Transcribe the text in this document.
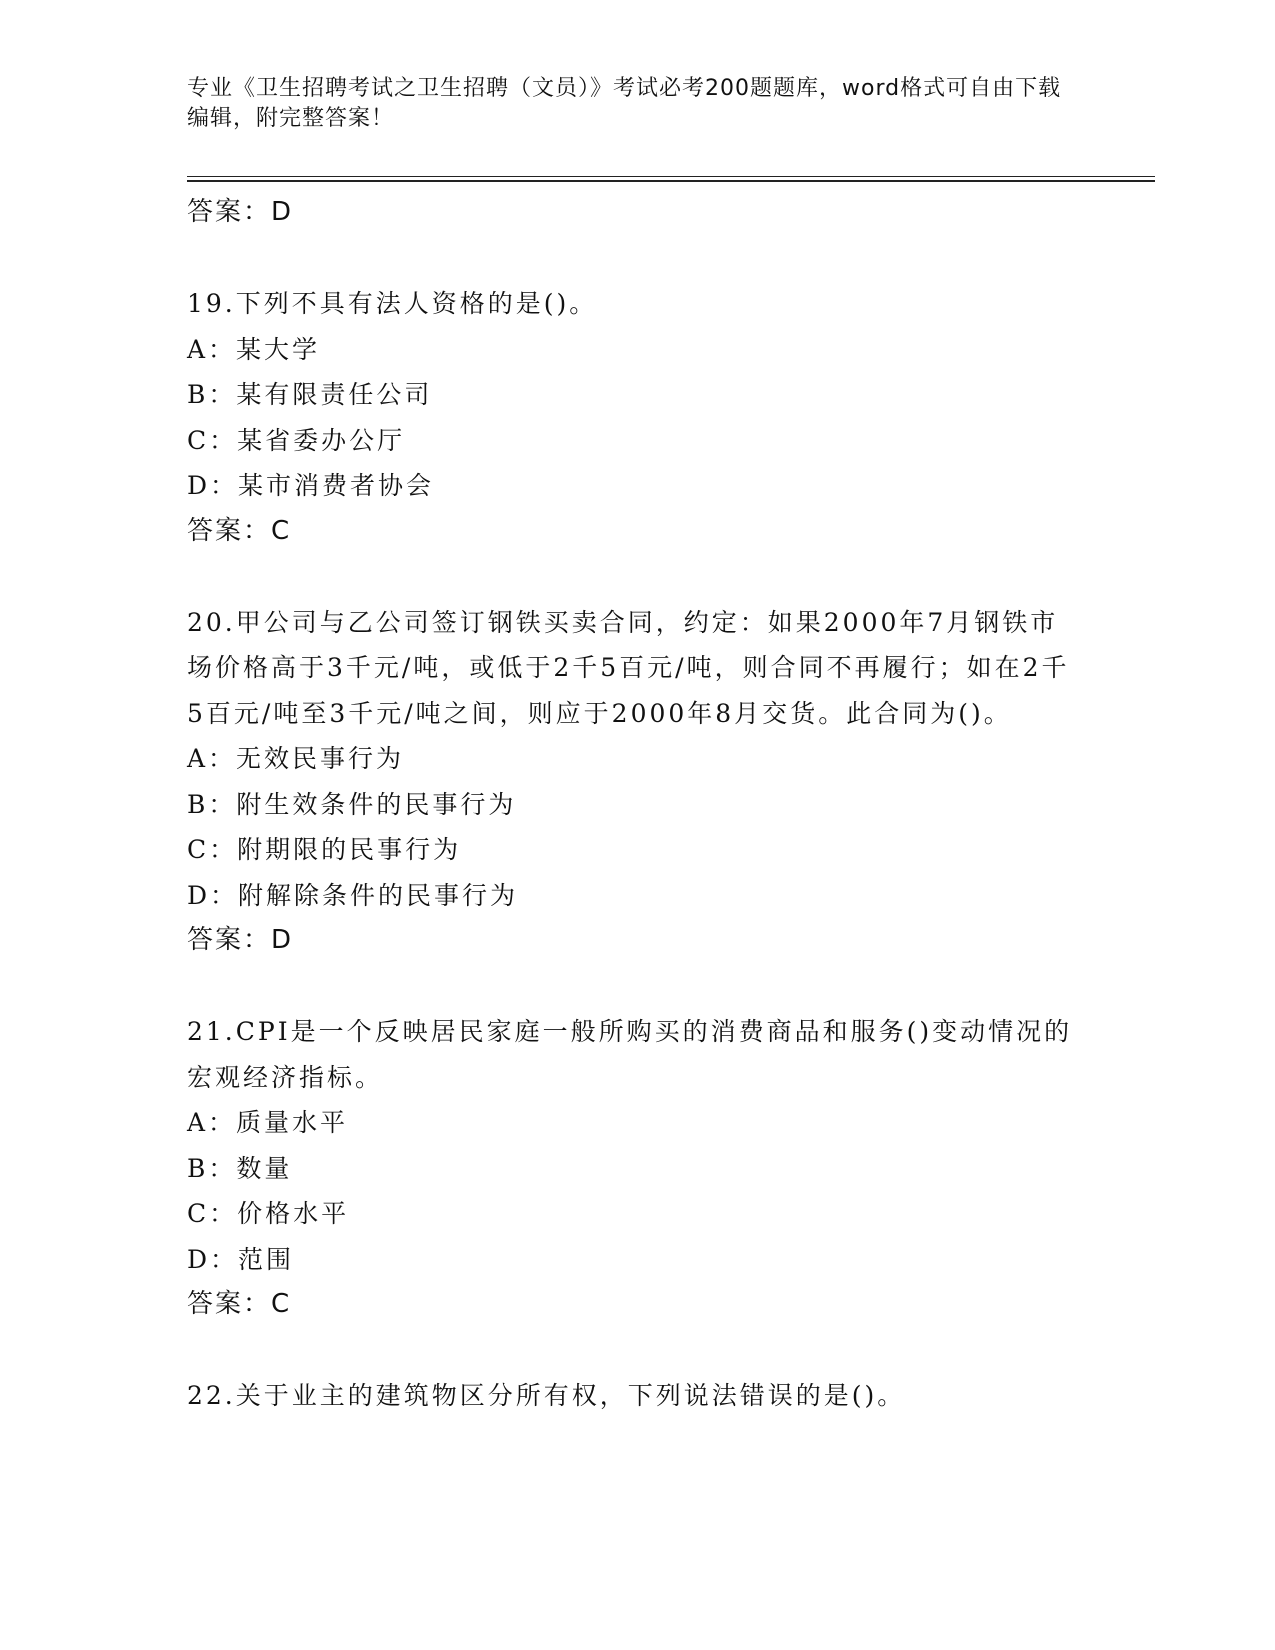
专业《卫生招聘考试之卫生招聘（文员）》考试必考200题题库，word格式可自由下载编辑，附完整答案！
答案：D
19.下列不具有法人资格的是()。
A：某大学
B：某有限责任公司
C：某省委办公厅
D：某市消费者协会
答案：C
20.甲公司与乙公司签订钢铁买卖合同，约定：如果2000年7月钢铁市场价格高于3千元/吨，或低于2千5百元/吨，则合同不再履行；如在2千5百元/吨至3千元/吨之间，则应于2000年8月交货。此合同为()。
A：无效民事行为
B：附生效条件的民事行为
C：附期限的民事行为
D：附解除条件的民事行为
答案：D
21.CPI是一个反映居民家庭一般所购买的消费商品和服务()变动情况的宏观经济指标。
A：质量水平
B：数量
C：价格水平
D：范围
答案：C
22.关于业主的建筑物区分所有权，下列说法错误的是()。
